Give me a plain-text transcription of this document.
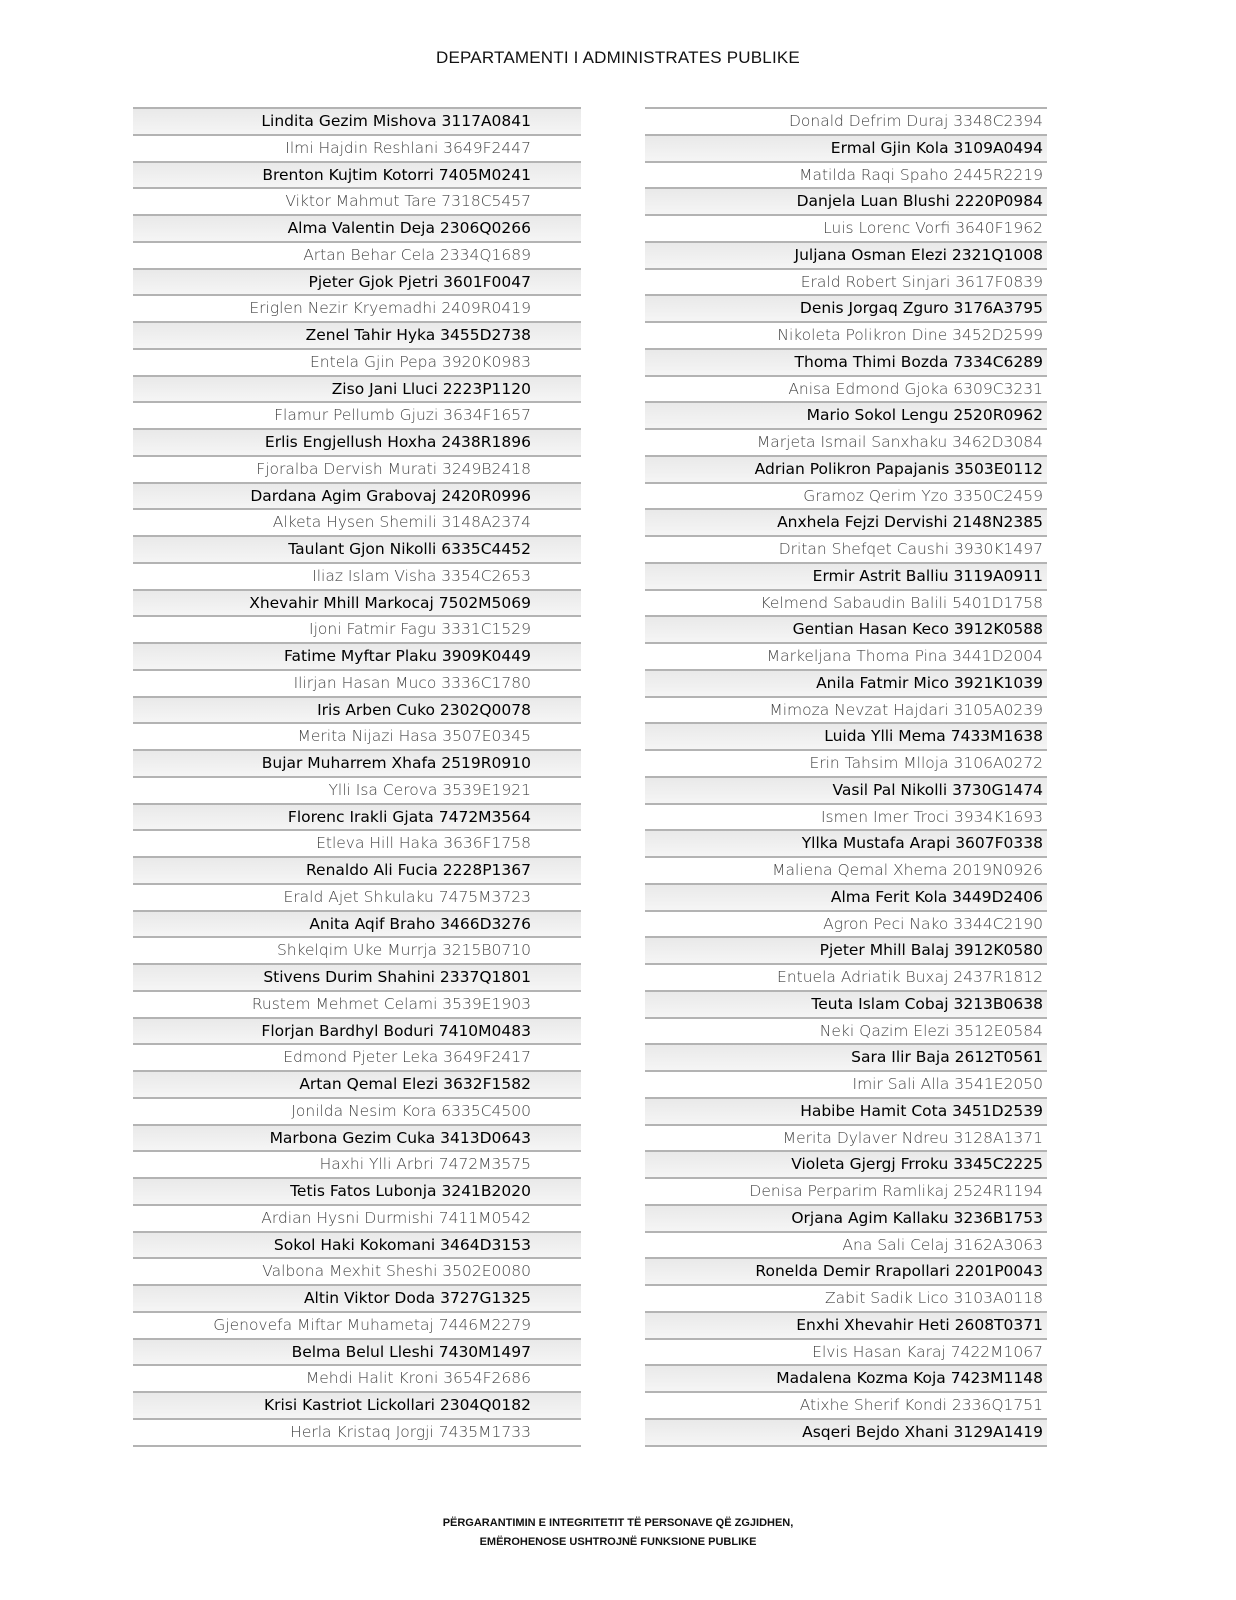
DEPARTAMENTI I ADMINISTRATES PUBLIKE
Lindita Gezim Mishova 3117A0841
Ilmi Hajdin Reshlani 3649F2447
Brenton Kujtim Kotorri 7405M0241
Viktor Mahmut Tare 7318C5457
Alma Valentin Deja 2306Q0266
Artan Behar Cela 2334Q1689
Pjeter Gjok Pjetri 3601F0047
Eriglen Nezir Kryemadhi 2409R0419
Zenel Tahir Hyka 3455D2738
Entela Gjin Pepa 3920K0983
Ziso Jani Lluci 2223P1120
Flamur Pellumb Gjuzi 3634F1657
Erlis Engjellush Hoxha 2438R1896
Fjoralba Dervish Murati 3249B2418
Dardana Agim Grabovaj 2420R0996
Alketa Hysen Shemili 3148A2374
Taulant Gjon Nikolli 6335C4452
Iliaz Islam Visha 3354C2653
Xhevahir Mhill Markocaj 7502M5069
Ijoni Fatmir Fagu 3331C1529
Fatime Myftar Plaku 3909K0449
Ilirjan Hasan Muco 3336C1780
Iris Arben Cuko 2302Q0078
Merita Nijazi Hasa 3507E0345
Bujar Muharrem Xhafa 2519R0910
Ylli Isa Cerova 3539E1921
Florenc Irakli Gjata 7472M3564
Etleva Hill Haka 3636F1758
Renaldo Ali Fucia 2228P1367
Erald Ajet Shkulaku 7475M3723
Anita Aqif Braho 3466D3276
Shkelqim Uke Murrja 3215B0710
Stivens Durim Shahini 2337Q1801
Rustem Mehmet Celami 3539E1903
Florjan Bardhyl Boduri 7410M0483
Edmond Pjeter Leka 3649F2417
Artan Qemal Elezi 3632F1582
Jonilda Nesim Kora 6335C4500
Marbona Gezim Cuka 3413D0643
Haxhi Ylli Arbri 7472M3575
Tetis Fatos Lubonja 3241B2020
Ardian Hysni Durmishi 7411M0542
Sokol Haki Kokomani 3464D3153
Valbona Mexhit Sheshi 3502E0080
Altin Viktor Doda 3727G1325
Gjenovefa Miftar Muhametaj 7446M2279
Belma Belul Lleshi 7430M1497
Mehdi Halit Kroni 3654F2686
Krisi Kastriot Lickollari 2304Q0182
Herla Kristaq Jorgji 7435M1733
Donald Defrim Duraj 3348C2394
Ermal Gjin Kola 3109A0494
Matilda Raqi Spaho 2445R2219
Danjela Luan Blushi 2220P0984
Luis Lorenc Vorfi 3640F1962
Juljana Osman Elezi 2321Q1008
Erald Robert Sinjari 3617F0839
Denis Jorgaq Zguro 3176A3795
Nikoleta Polikron Dine 3452D2599
Thoma Thimi Bozda 7334C6289
Anisa Edmond Gjoka 6309C3231
Mario Sokol Lengu 2520R0962
Marjeta Ismail Sanxhaku 3462D3084
Adrian Polikron Papajanis 3503E0112
Gramoz Qerim Yzo 3350C2459
Anxhela Fejzi Dervishi 2148N2385
Dritan Shefqet Caushi 3930K1497
Ermir Astrit Balliu 3119A0911
Kelmend Sabaudin Balili 5401D1758
Gentian Hasan Keco 3912K0588
Markeljana Thoma Pina 3441D2004
Anila Fatmir Mico 3921K1039
Mimoza Nevzat Hajdari 3105A0239
Luida Ylli Mema 7433M1638
Erin Tahsim Mlloja 3106A0272
Vasil Pal Nikolli 3730G1474
Ismen Imer Troci 3934K1693
Yllka Mustafa Arapi 3607F0338
Maliena Qemal Xhema 2019N0926
Alma Ferit Kola 3449D2406
Agron Peci Nako 3344C2190
Pjeter Mhill Balaj 3912K0580
Entuela Adriatik Buxaj 2437R1812
Teuta Islam Cobaj 3213B0638
Neki Qazim Elezi 3512E0584
Sara Ilir Baja 2612T0561
Imir Sali Alla 3541E2050
Habibe Hamit Cota 3451D2539
Merita Dylaver Ndreu 3128A1371
Violeta Gjergj Frroku 3345C2225
Denisa Perparim Ramlikaj 2524R1194
Orjana Agim Kallaku 3236B1753
Ana Sali Celaj 3162A3063
Ronelda Demir Rrapollari 2201P0043
Zabit Sadik Lico 3103A0118
Enxhi Xhevahir Heti 2608T0371
Elvis Hasan Karaj 7422M1067
Madalena Kozma Koja 7423M1148
Atixhe Sherif Kondi 2336Q1751
Asqeri Bejdo Xhani 3129A1419
PËRGARANTIMIN E INTEGRITETIT TË PERSONAVE QË ZGJIDHEN,
EMËROHENOSE USHTROJNË FUNKSIONE PUBLIKE
